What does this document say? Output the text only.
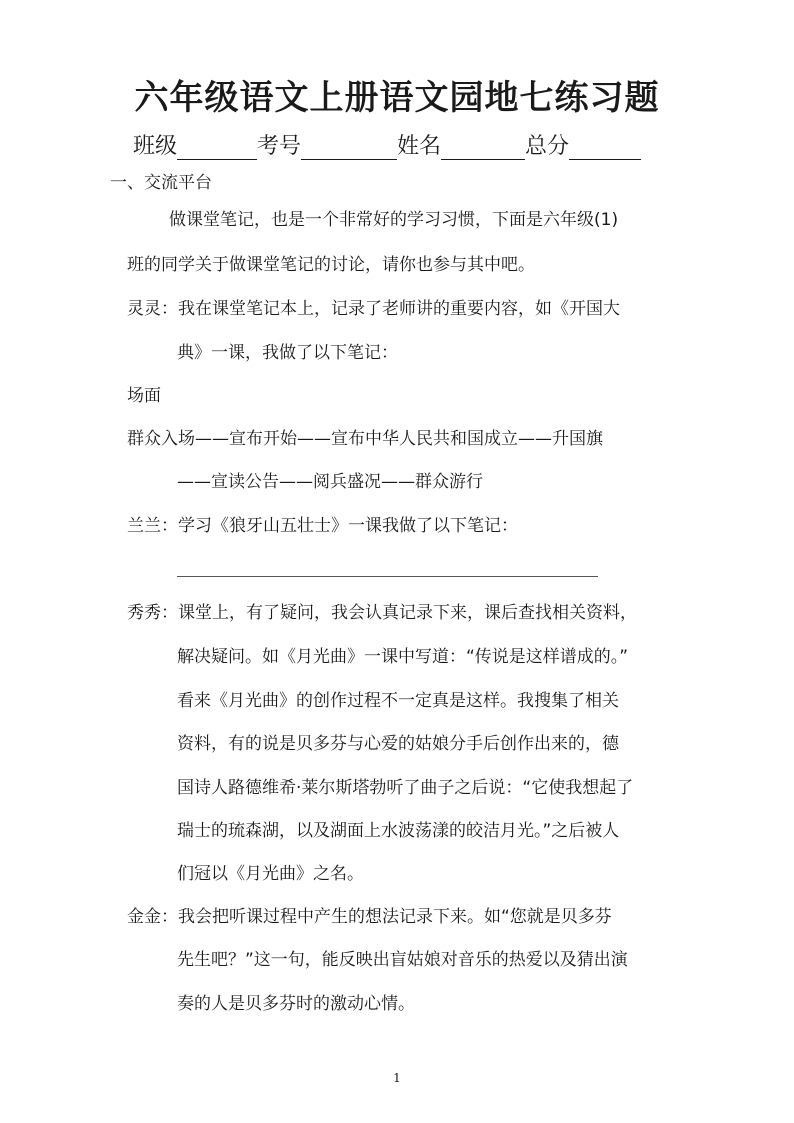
六年级语文上册语文园地七练习题
班级	考号	姓名	总分
一、交流平台
做课堂笔记，也是一个非常好的学习习惯，下面是六年级(1)
班的同学关于做课堂笔记的讨论，请你也参与其中吧。
灵灵：我在课堂笔记本上，记录了老师讲的重要内容，如《开国大
典》一课，我做了以下笔记：
场面
群众入场——宣布开始——宣布中华人民共和国成立——升国旗
——宣读公告——阅兵盛况——群众游行
兰兰：学习《狼牙山五壮士》一课我做了以下笔记：
秀秀：课堂上，有了疑问，我会认真记录下来，课后查找相关资料，
解决疑问。如《月光曲》一课中写道：“传说是这样谱成的。”
看来《月光曲》的创作过程不一定真是这样。我搜集了相关
资料，有的说是贝多芬与心爱的姑娘分手后创作出来的，德
国诗人路德维希·莱尔斯塔勃听了曲子之后说：“它使我想起了
瑞士的琉森湖，以及湖面上水波荡漾的皎洁月光。”之后被人
们冠以《月光曲》之名。
金金：我会把听课过程中产生的想法记录下来。如“您就是贝多芬
先生吧？”这一句，能反映出盲姑娘对音乐的热爱以及猜出演
奏的人是贝多芬时的激动心情。
1
